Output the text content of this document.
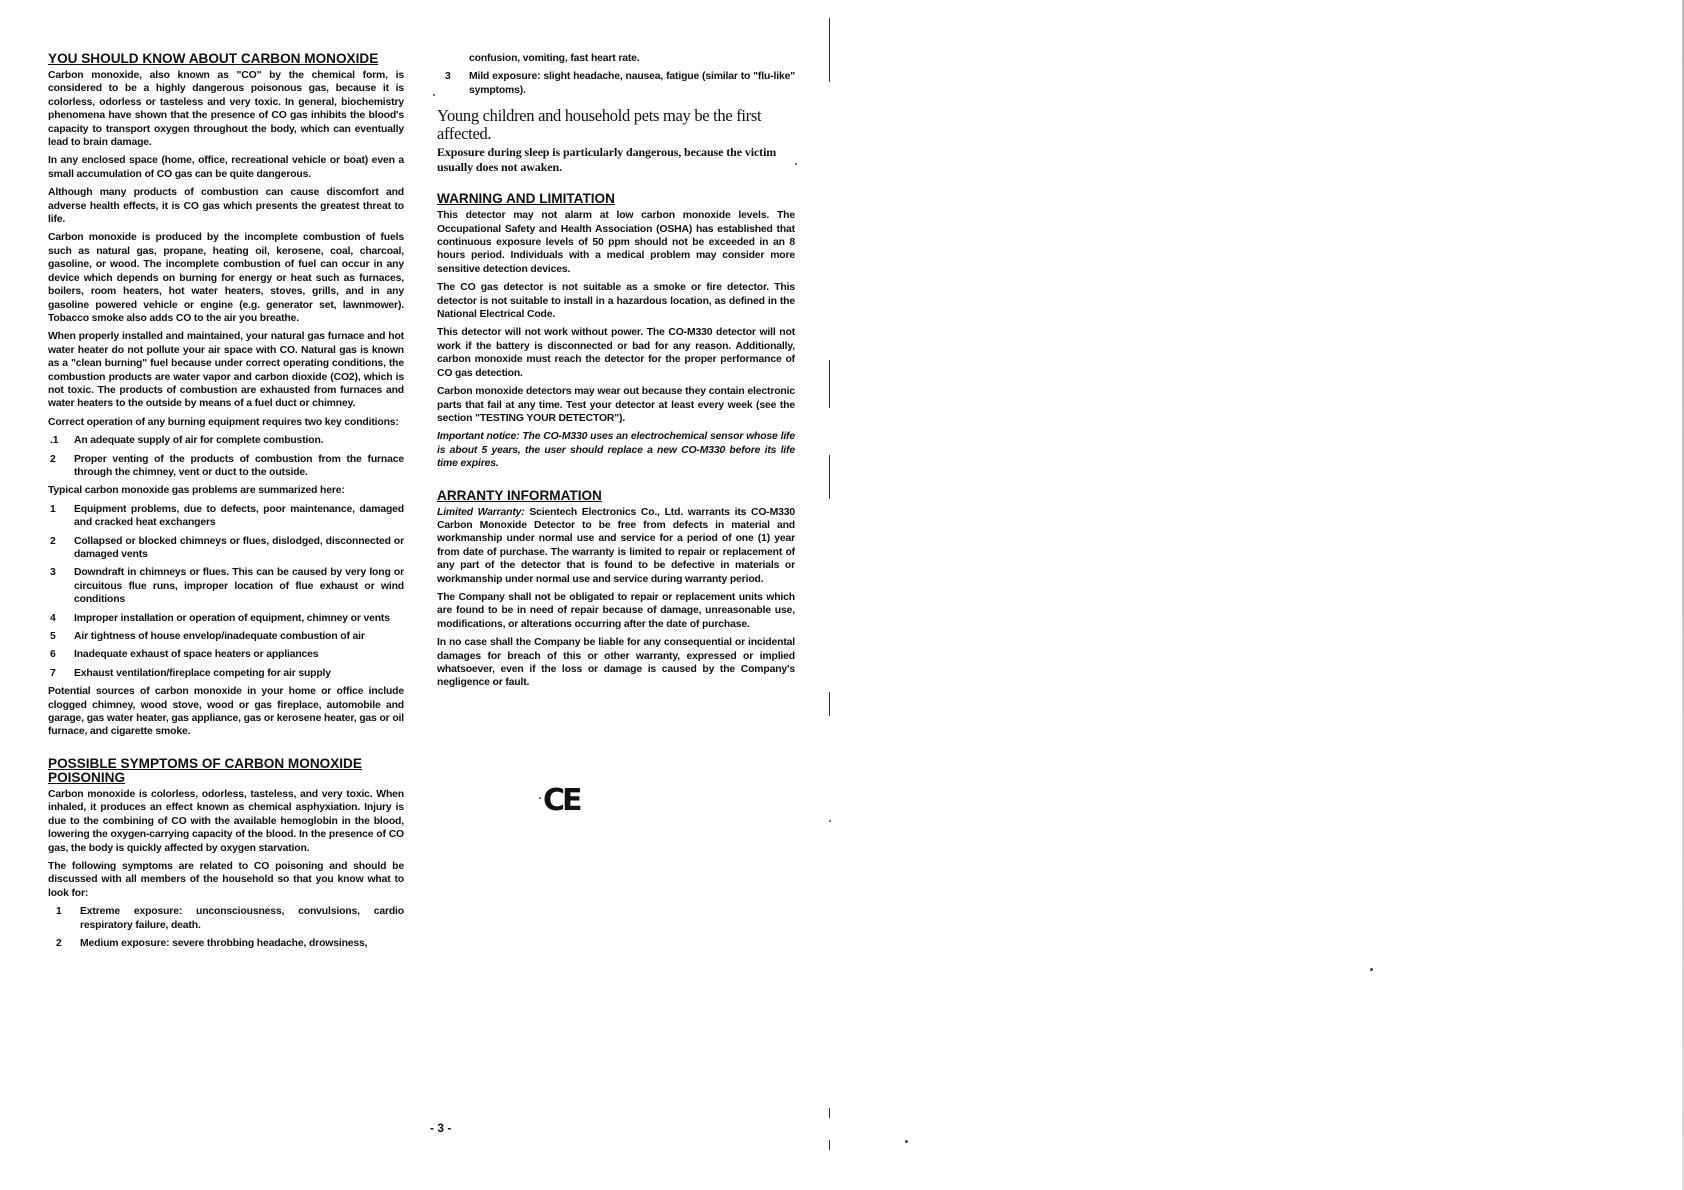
YOU SHOULD KNOW ABOUT CARBON MONOXIDE

Carbon monoxide, also known as "CO" by the chemical form, is considered to be a highly dangerous poisonous gas, because it is colorless, odorless or tasteless and very toxic. In general, biochemistry phenomena have shown that the presence of CO gas inhibits the blood's capacity to transport oxygen throughout the body, which can eventually lead to brain damage.

In any enclosed space (home, office, recreational vehicle or boat) even a small accumulation of CO gas can be quite dangerous.

Although many products of combustion can cause discomfort and adverse health effects, it is CO gas which presents the greatest threat to life.

Carbon monoxide is produced by the incomplete combustion of fuels such as natural gas, propane, heating oil, kerosene, coal, charcoal, gasoline, or wood. The incomplete combustion of fuel can occur in any device which depends on burning for energy or heat such as furnaces, boilers, room heaters, hot water heaters, stoves, grills, and in any gasoline powered vehicle or engine (e.g. generator set, lawnmower). Tobacco smoke also adds CO to the air you breathe.

When properly installed and maintained, your natural gas furnace and hot water heater do not pollute your air space with CO. Natural gas is known as a "clean burning" fuel because under correct operating conditions, the combustion products are water vapor and carbon dioxide (CO2), which is not toxic. The products of combustion are exhausted from furnaces and water heaters to the outside by means of a fuel duct or chimney.

Correct operation of any burning equipment requires two key conditions:

.1	An adequate supply of air for complete combustion.
2	Proper venting of the products of combustion from the furnace through the chimney, vent or duct to the outside.

Typical carbon monoxide gas problems are summarized here:

1	Equipment problems, due to defects, poor maintenance, damaged and cracked heat exchangers
2	Collapsed or blocked chimneys or flues, dislodged, disconnected or damaged vents
3	Downdraft in chimneys or flues. This can be caused by very long or circuitous flue runs, improper location of flue exhaust or wind conditions
4	Improper installation or operation of equipment, chimney or vents
5	Air tightness of house envelop/inadequate combustion of air
6	Inadequate exhaust of space heaters or appliances
7	Exhaust ventilation/fireplace competing for air supply

Potential sources of carbon monoxide in your home or office include clogged chimney, wood stove, wood or gas fireplace, automobile and garage, gas water heater, gas appliance, gas or kerosene heater, gas or oil furnace, and cigarette smoke.

POSSIBLE SYMPTOMS OF CARBON MONOXIDE POISONING

Carbon monoxide is colorless, odorless, tasteless, and very toxic. When inhaled, it produces an effect known as chemical asphyxiation. Injury is due to the combining of CO with the available hemoglobin in the blood, lowering the oxygen-carrying capacity of the blood. In the presence of CO gas, the body is quickly affected by oxygen starvation.

The following symptoms are related to CO poisoning and should be discussed with all members of the household so that you know what to look for:

1	Extreme exposure: unconsciousness, convulsions, cardio respiratory failure, death.
2	Medium exposure: severe throbbing headache, drowsiness,
confusion, vomiting, fast heart rate.
3	Mild exposure: slight headache, nausea, fatigue (similar to "flu-like" symptoms).
Young children and household pets may be the first affected.

Exposure during sleep is particularly dangerous, because the victim usually does not awaken.

WARNING AND LIMITATION

This detector may not alarm at low carbon monoxide levels. The Occupational Safety and Health Association (OSHA) has established that continuous exposure levels of 50 ppm should not be exceeded in an 8 hours period. Individuals with a medical problem may consider more sensitive detection devices.

The CO gas detector is not suitable as a smoke or fire detector. This detector is not suitable to install in a hazardous location, as defined in the National Electrical Code.

This detector will not work without power. The CO-M330 detector will not work if the battery is disconnected or bad for any reason. Additionally, carbon monoxide must reach the detector for the proper performance of CO gas detection.

Carbon monoxide detectors may wear out because they contain electronic parts that fail at any time. Test your detector at least every week (see the section "TESTING YOUR DETECTOR").

Important notice: The CO-M330 uses an electrochemical sensor whose life is about 5 years, the user should replace a new CO-M330 before its life time expires.

ARRANTY INFORMATION

Limited Warranty: Scientech Electronics Co., Ltd. warrants its CO-M330 Carbon Monoxide Detector to be free from defects in material and workmanship under normal use and service for a period of one (1) year from date of purchase. The warranty is limited to repair or replacement of any part of the detector that is found to be defective in materials or workmanship under normal use and service during warranty period.

The Company shall not be obligated to repair or replacement units which are found to be in need of repair because of damage, unreasonable use, modifications, or alterations occurring after the date of purchase.

In no case shall the Company be liable for any consequential or incidental damages for breach of this or other warranty, expressed or implied whatsoever, even if the loss or damage is caused by the Company's negligence or fault.

CE
- 3 -
